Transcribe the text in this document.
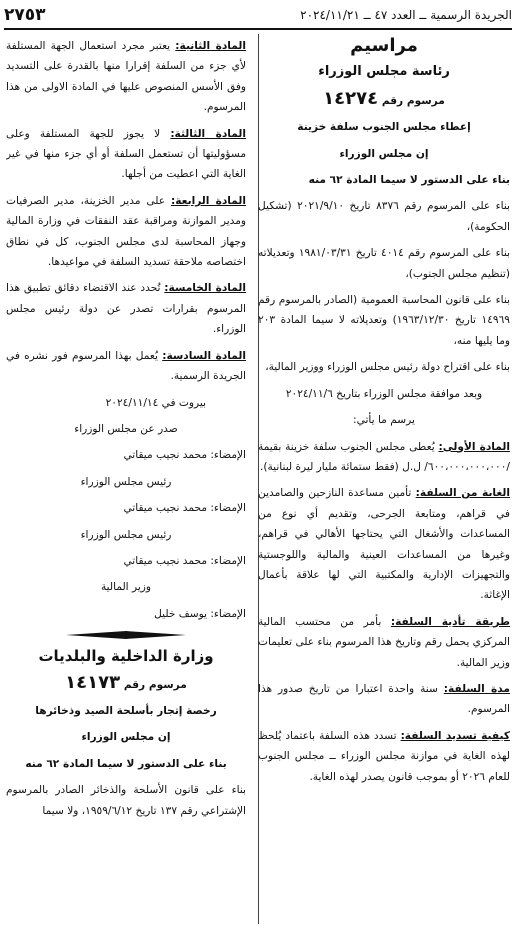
الجريدة الرسمية ــ العدد ٤٧ ــ ٢٠٢٤/١١/٢١
٢٧٥٣

مراسيم

رئاسة مجلس الوزراء

مرسوم رقم ١٤٢٧٤

إعطاء مجلس الجنوب سلفة خزينة

إن مجلس الوزراء

بناء على الدستور لا سيما المادة ٦٢ منه

بناء على المرسوم رقم ٨٣٧٦ تاريخ ٢٠٢١/٩/١٠ (تشكيل الحكومة)،

بناء على المرسوم رقم ٤٠١٤ تاريخ ١٩٨١/٠٣/٣١ وتعديلاته (تنظيم مجلس الجنوب)،

بناء على قانون المحاسبة العمومية (الصادر بالمرسوم رقم ١٤٩٦٩ تاريخ ١٩٦٣/١٢/٣٠) وتعديلاته لا سيما المادة ٢٠٣ وما يليها منه،

بناء على اقتراح دولة رئيس مجلس الوزراء ووزير المالية،

وبعد موافقة مجلس الوزراء بتاريخ ٢٠٢٤/١١/٦

يرسم ما يأتي:

المادة الأولى: يُعطى مجلس الجنوب سلفة خزينة بقيمة /٦٠٠،٠٠٠،٠٠٠،٠٠٠/ ل.ل (فقط ستمائة مليار ليرة لبنانية).

الغاية من السلفة: تأمين مساعدة النازحين والصامدين في قراهم، ومتابعة الجرحى، وتقديم أي نوع من المساعدات والأشغال التي يحتاجها الأهالي في قراهم، وغيرها من المساعدات العينية والمالية واللوجستية والتجهيزات الإدارية والمكتبية التي لها علاقة بأعمال الإغاثة.

طريقة تأدية السلفة: بأمر من محتسب المالية المركزي يحمل رقم وتاريخ هذا المرسوم بناء على تعليمات وزير المالية.

مدة السلفة: سنة واحدة اعتبارا من تاريخ صدور هذا المرسوم.

كيفية تسديد السلفة: تسدد هذه السلفة باعتماد يُلحظ لهذه الغاية في موازنة مجلس الوزراء ــ مجلس الجنوب للعام ٢٠٢٦ أو بموجب قانون يصدر لهذه الغاية.

المادة الثانية: يعتبر مجرد استعمال الجهة المستلفة لأي جزء من السلفة إقرارا منها بالقدرة على التسديد وفق الأسس المنصوص عليها في المادة الاولى من هذا المرسوم.

المادة الثالثة: لا يجوز للجهة المستلفة وعلى مسؤوليتها أن تستعمل السلفة أو أي جزء منها في غير الغاية التي اعطيت من أجلها.

المادة الرابعة: على مدير الخزينة، مدير الصرفيات ومدير الموازنة ومراقبة عقد النفقات في وزارة المالية وجهاز المحاسبة لدى مجلس الجنوب، كل في نطاق اختصاصه ملاحقة تسديد السلفة في مواعيدها.

المادة الخامسة: تُحدد عند الاقتضاء دقائق تطبيق هذا المرسوم بقرارات تصدر عن دولة رئيس مجلس الوزراء.

المادة السادسة: يُعمل بهذا المرسوم فور نشره في الجريدة الرسمية.

بيروت في ٢٠٢٤/١١/١٤

صدر عن مجلس الوزراء

الإمضاء: محمد نجيب ميقاتي

رئيس مجلس الوزراء

الإمضاء: محمد نجيب ميقاتي

رئيس مجلس الوزراء

الإمضاء: محمد نجيب ميقاتي

وزير المالية

الإمضاء: يوسف خليل

وزارة الداخلية والبلديات

مرسوم رقم ١٤١٧٣

رخصة إتجار بأسلحة الصيد وذخائرها

إن مجلس الوزراء

بناء على الدستور لا سيما المادة ٦٢ منه

بناء على قانون الأسلحة والذخائر الصادر بالمرسوم الإشتراعي رقم ١٣٧ تاريخ ١٩٥٩/٦/١٢، ولا سيما
